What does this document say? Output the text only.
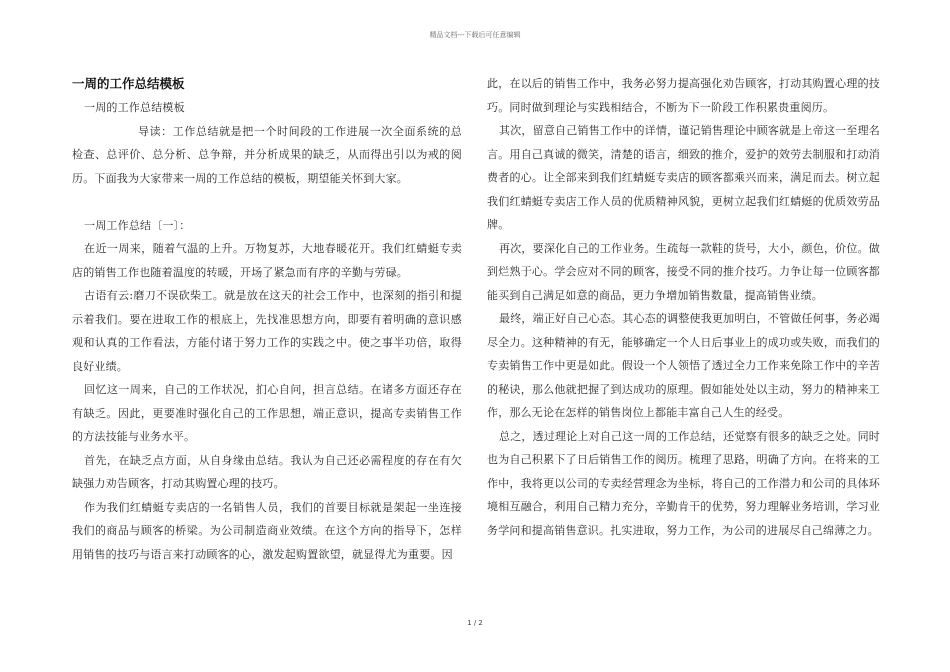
精品文档---下载后可任意编辑
一周的工作总结模板

一周的工作总结模板

导读：工作总结就是把一个时间段的工作进展一次全面系统的总检查、总评价、总分析、总争辩，并分析成果的缺乏，从而得出引以为戒的阅历。下面我为大家带来一周的工作总结的模板，期望能关怀到大家。

一周工作总结〔一〕：

在近一周来，随着气温的上升。万物复苏，大地春暖花开。我们红蜻蜓专卖店的销售工作也随着温度的转暖，开场了紧急而有序的辛勤与劳碌。

古语有云:磨刀不误砍柴工。就是放在这天的社会工作中，也深刻的指引和提示着我们。要在进取工作的根底上，先找准思想方向，即要有着明确的意识感观和认真的工作看法，方能付诸于努力工作的实践之中。使之事半功倍，取得良好业绩。

回忆这一周来，自己的工作状况，扪心自问，担言总结。在诸多方面还存在有缺乏。因此，更要准时强化自己的工作思想，端正意识，提高专卖销售工作的方法技能与业务水平。

首先，在缺乏点方面，从自身缘由总结。我认为自己还必需程度的存在有欠缺强力劝告顾客，打动其购置心理的技巧。

作为我们红蜻蜓专卖店的一名销售人员，我们的首要目标就是架起一坐连接我们的商品与顾客的桥梁。为公司制造商业效绩。在这个方向的指导下，怎样用销售的技巧与语言来打动顾客的心，激发起购置欲望，就显得尤为重要。因

此，在以后的销售工作中，我务必努力提高强化劝告顾客，打动其购置心理的技巧。同时做到理论与实践相结合，不断为下一阶段工作积累贵重阅历。

其次，留意自己销售工作中的详情，谨记销售理论中顾客就是上帝这一至理名言。用自己真诚的微笑，清楚的语言，细致的推介，爱护的效劳去制服和打动消费者的心。让全部来到我们红蜻蜓专卖店的顾客都乘兴而来，满足而去。树立起我们红蜻蜓专卖店工作人员的优质精神风貌，更树立起我们红蜻蜓的优质效劳品牌。

再次，要深化自己的工作业务。生疏每一款鞋的货号，大小，颜色，价位。做到烂熟于心。学会应对不同的顾客，接受不同的推介技巧。力争让每一位顾客都能买到自己满足如意的商品，更力争增加销售数量，提高销售业绩。

最终，端正好自己心态。其心态的调整使我更加明白，不管做任何事，务必竭尽全力。这种精神的有无，能够确定一个人日后事业上的成功或失败，而我们的专卖销售工作中更是如此。假设一个人领悟了透过全力工作来免除工作中的辛苦的秘诀，那么他就把握了到达成功的原理。假如能处处以主动，努力的精神来工作，那么无论在怎样的销售岗位上都能丰富自己人生的经受。

总之，透过理论上对自己这一周的工作总结，还觉察有很多的缺乏之处。同时也为自己积累下了日后销售工作的阅历。梳理了思路，明确了方向。在将来的工作中，我将更以公司的专卖经营理念为坐标，将自己的工作潜力和公司的具体环境相互融合，利用自己精力充分，辛勤肯干的优势，努力理解业务培训，学习业务学问和提高销售意识。扎实进取，努力工作，为公司的进展尽自己绵薄之力。

1 / 2
